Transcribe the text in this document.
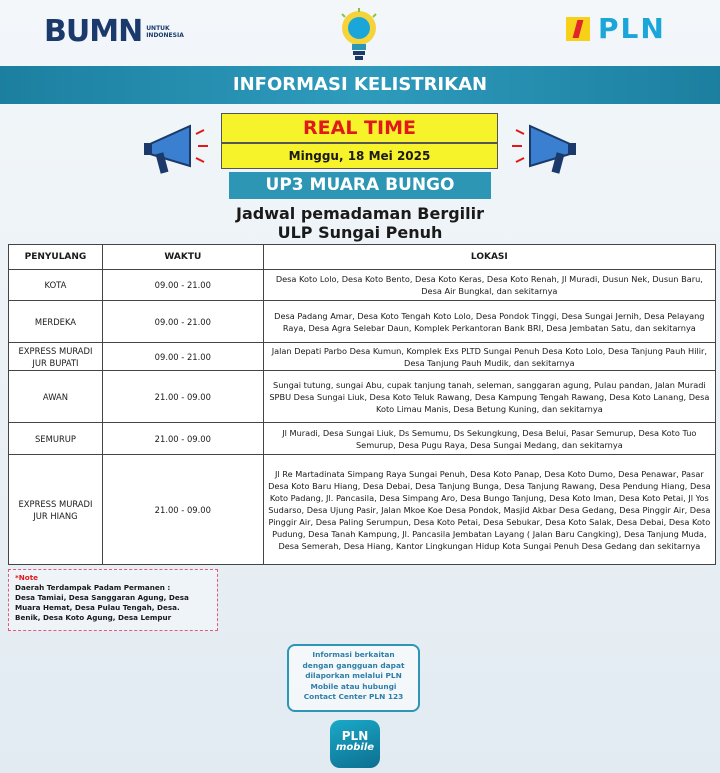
BUMN UNTUK
INDONESIA	PLN
INFORMASI KELISTRIKAN
REAL TIME
Minggu, 18 Mei 2025
UP3 MUARA BUNGO
Jadwal pemadaman Bergilir
ULP Sungai Penuh
PENYULANG	WAKTU	LOKASI
KOTA	09.00 - 21.00	Desa Koto Lolo, Desa Koto Bento, Desa Koto Keras, Desa Koto Renah, Jl Muradi, Dusun Nek, Dusun Baru, Desa Air Bungkal, dan sekitarnya
MERDEKA	09.00 - 21.00	Desa Padang Amar, Desa Koto Tengah Koto Lolo, Desa Pondok Tinggi, Desa Sungai Jernih, Desa Pelayang Raya, Desa Agra Selebar Daun, Komplek Perkantoran Bank BRI, Desa Jembatan Satu, dan sekitarnya
EXPRESS MURADI JUR BUPATI	09.00 - 21.00	Jalan Depati Parbo Desa Kumun, Komplek Exs PLTD Sungai Penuh Desa Koto Lolo, Desa Tanjung Pauh Hilir, Desa Tanjung Pauh Mudik, dan sekitarnya
AWAN	21.00 - 09.00	Sungai tutung, sungai Abu, cupak tanjung tanah, seleman, sanggaran agung, Pulau pandan, Jalan Muradi SPBU Desa Sungai Liuk, Desa Koto Teluk Rawang, Desa Kampung Tengah Rawang, Desa Koto Lanang, Desa Koto Limau Manis, Desa Betung Kuning, dan sekitarnya
SEMURUP	21.00 - 09.00	Jl Muradi, Desa Sungai Liuk, Ds Semumu, Ds Sekungkung, Desa Belui, Pasar Semurup, Desa Koto Tuo Semurup, Desa Pugu Raya, Desa Sungai Medang, dan sekitarnya
EXPRESS MURADI JUR HIANG	21.00 - 09.00	Jl Re Martadinata Simpang Raya Sungai Penuh, Desa Koto Panap, Desa Koto Dumo, Desa Penawar, Pasar Desa Koto Baru Hiang, Desa Debai, Desa Tanjung Bunga, Desa Tanjung Rawang, Desa Pendung Hiang, Desa Koto Padang, Jl. Pancasila, Desa Simpang Aro, Desa Bungo Tanjung, Desa Koto Iman, Desa Koto Petai, Jl Yos Sudarso, Desa Ujung Pasir, Jalan Mkoe Koe Desa Pondok, Masjid Akbar Desa Gedang, Desa Pinggir Air, Desa Pinggir Air, Desa Paling Serumpun, Desa Koto Petai, Desa Sebukar, Desa Koto Salak, Desa Debai, Desa Koto Pudung, Desa Tanah Kampung, Jl. Pancasila Jembatan Layang ( Jalan Baru Cangking), Desa Tanjung Muda, Desa Semerah, Desa Hiang, Kantor Lingkungan Hidup Kota Sungai Penuh Desa Gedang dan sekitarnya
*Note
Daerah Terdampak Padam Permanen :
Desa Tamiai, Desa Sanggaran Agung, Desa
Muara Hemat, Desa Pulau Tengah, Desa.
Benik, Desa Koto Agung, Desa Lempur
Informasi berkaitan
dengan gangguan dapat
dilaporkan melalui PLN
Mobile atau hubungi
Contact Center PLN 123
PLN
mobile
